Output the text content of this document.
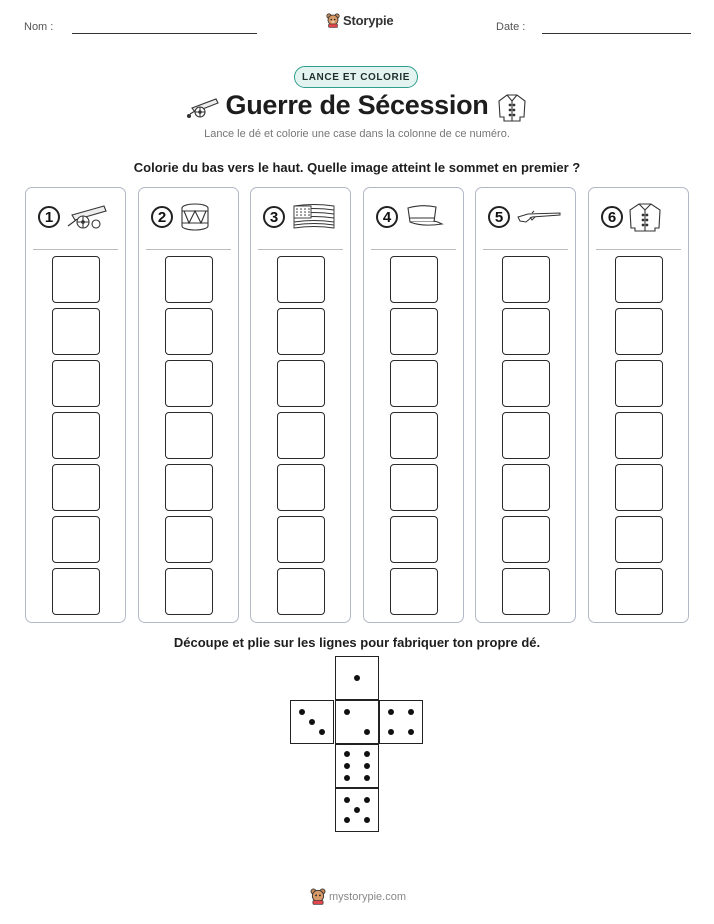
Nom :	Storypie	Date :
LANCE ET COLORIE
Guerre de Sécession
Lance le dé et colorie une case dans la colonne de ce numéro.
Colorie du bas vers le haut. Quelle image atteint le sommet en premier ?
1	2	3	4	5	6
Découpe et plie sur les lignes pour fabriquer ton propre dé.
mystorypie.com
